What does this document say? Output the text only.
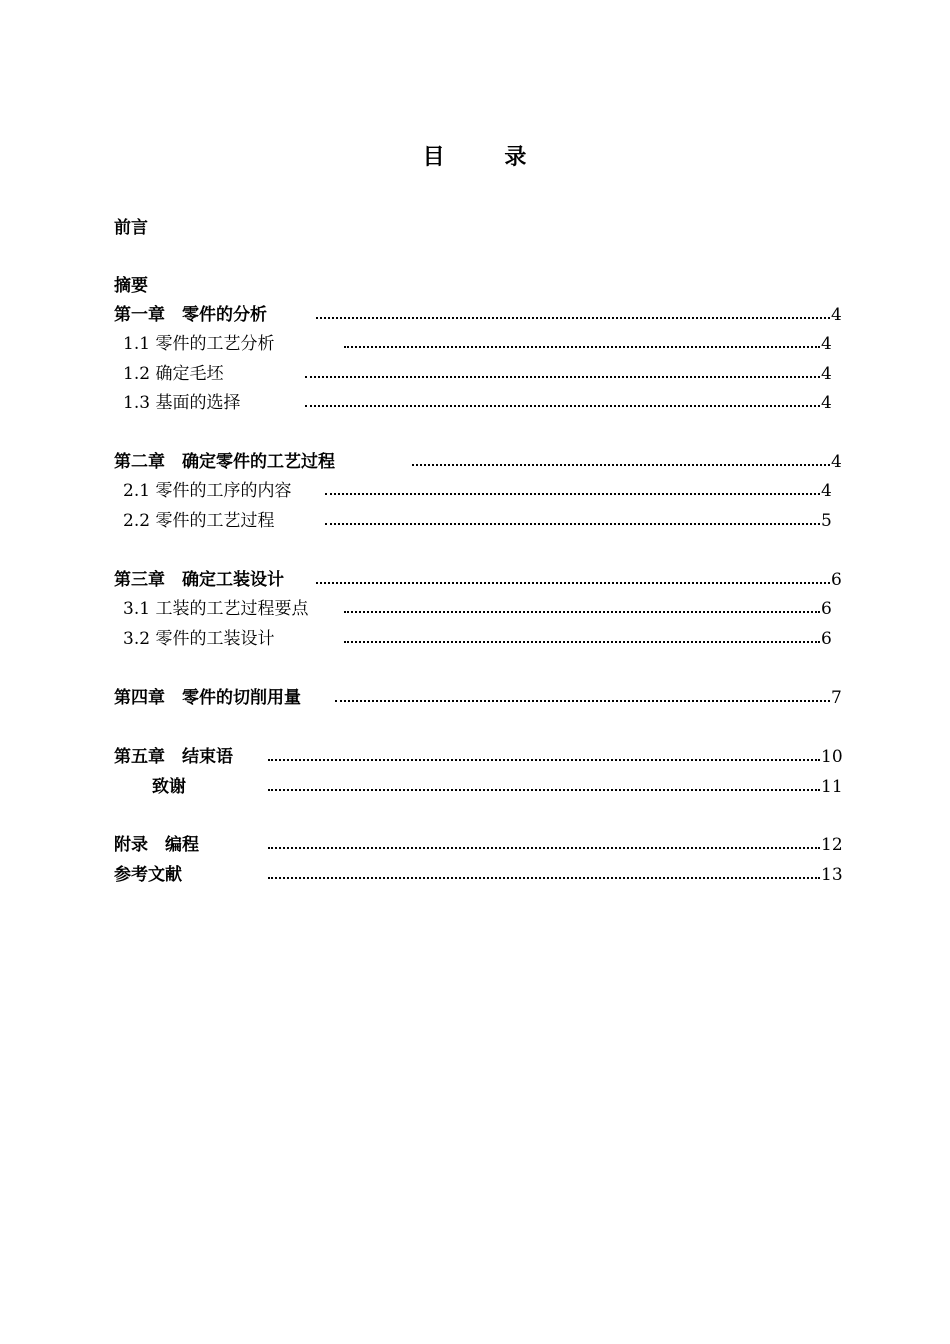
目 录
前言
摘要
第一章　零件的分析	4
1.1 零件的工艺分析	4
1.2 确定毛坯	4
1.3 基面的选择	4
第二章　确定零件的工艺过程	4
2.1 零件的工序的内容	4
2.2 零件的工艺过程	5
第三章　确定工装设计	6
3.1 工装的工艺过程要点	6
3.2 零件的工装设计	6
第四章　零件的切削用量	7
第五章　结束语	10
致谢	11
附录　编程	12
参考文献	13
